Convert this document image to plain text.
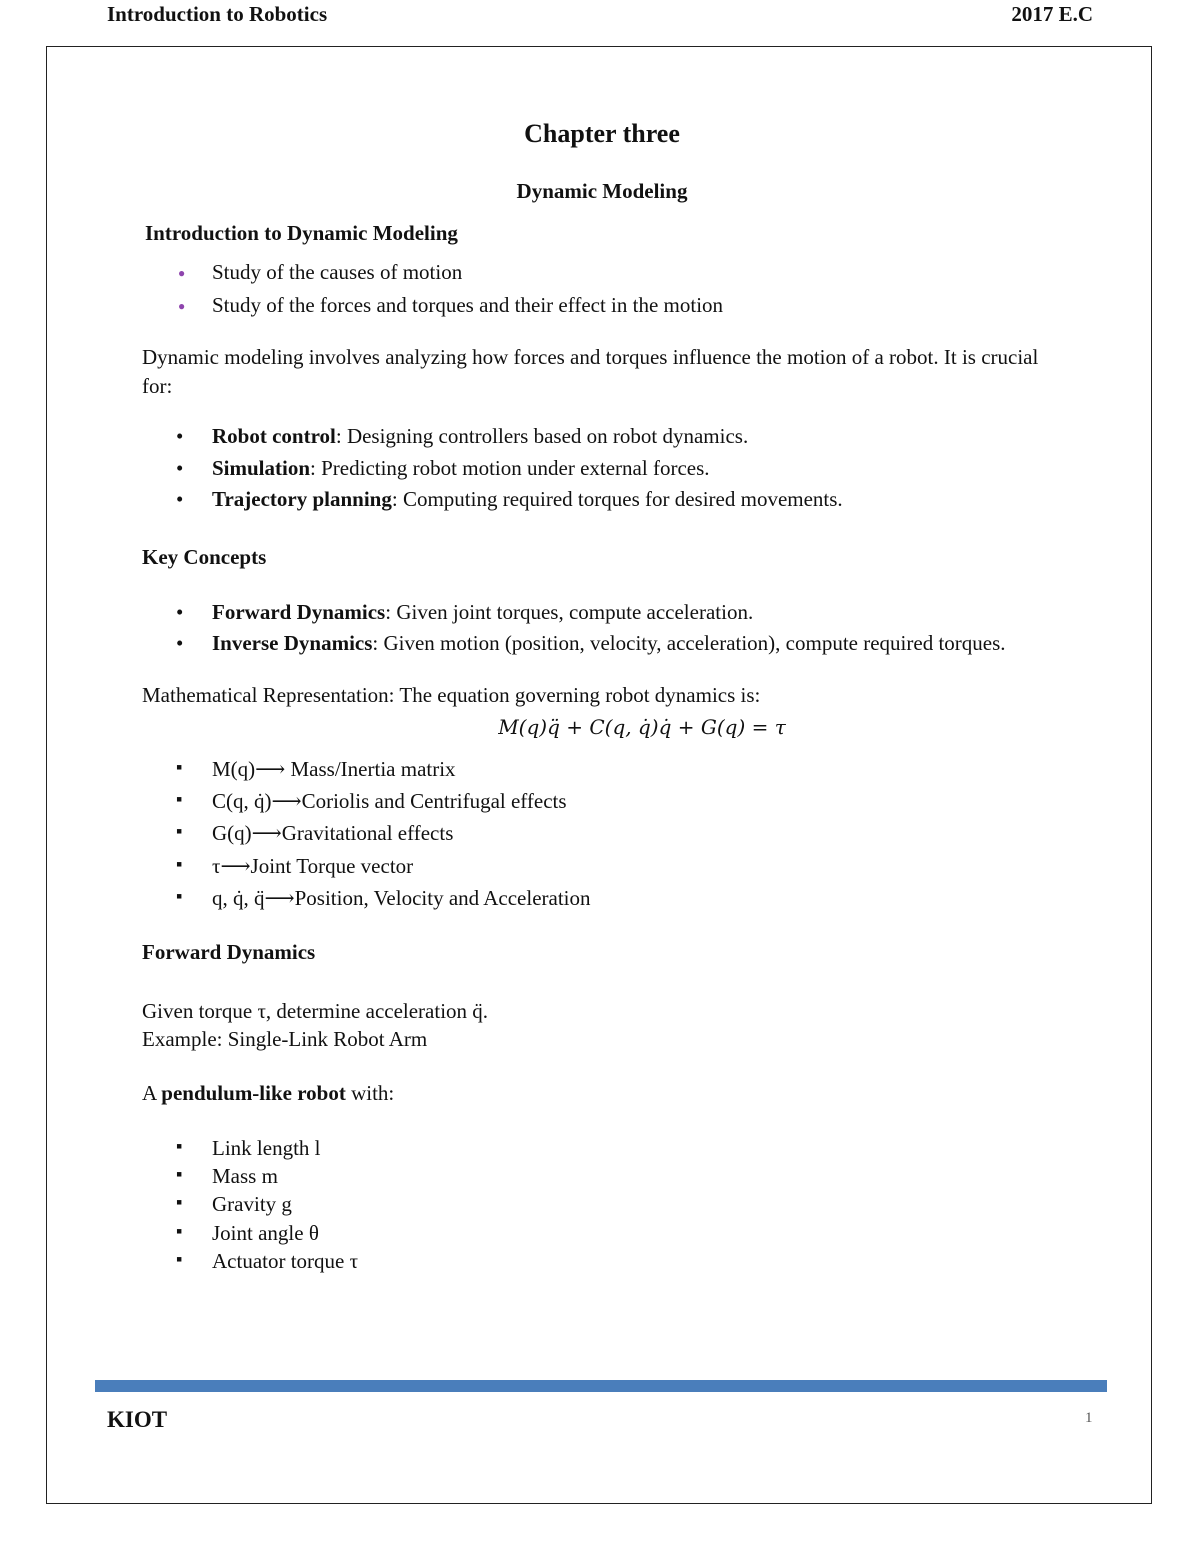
Introduction to Robotics	2017 E.C
Chapter three
Dynamic Modeling
Introduction to Dynamic Modeling
● Study of the causes of motion
● Study of the forces and torques and their effect in the motion

Dynamic modeling involves analyzing how forces and torques influence the motion of a robot. It is crucial for:

• Robot control: Designing controllers based on robot dynamics.
• Simulation: Predicting robot motion under external forces.
• Trajectory planning: Computing required torques for desired movements.
Key Concepts
• Forward Dynamics: Given joint torques, compute acceleration.
• Inverse Dynamics: Given motion (position, velocity, acceleration), compute required torques.

Mathematical Representation: The equation governing robot dynamics is:

M(q)q̈ + C(q, q̇)q̇ + G(q) = τ
▪ M(q)⟶ Mass/Inertia matrix
▪ C(q, q̇)⟶Coriolis and Centrifugal effects
▪ G(q)⟶Gravitational effects
▪ τ⟶Joint Torque vector
▪ q, q̇, q̈⟶Position, Velocity and Acceleration
Forward Dynamics

Given torque τ, determine acceleration q̈.

Example: Single-Link Robot Arm

A pendulum-like robot with:

▪ Link length l
▪ Mass m
▪ Gravity g
▪ Joint angle θ
▪ Actuator torque τ
KIOT	1
